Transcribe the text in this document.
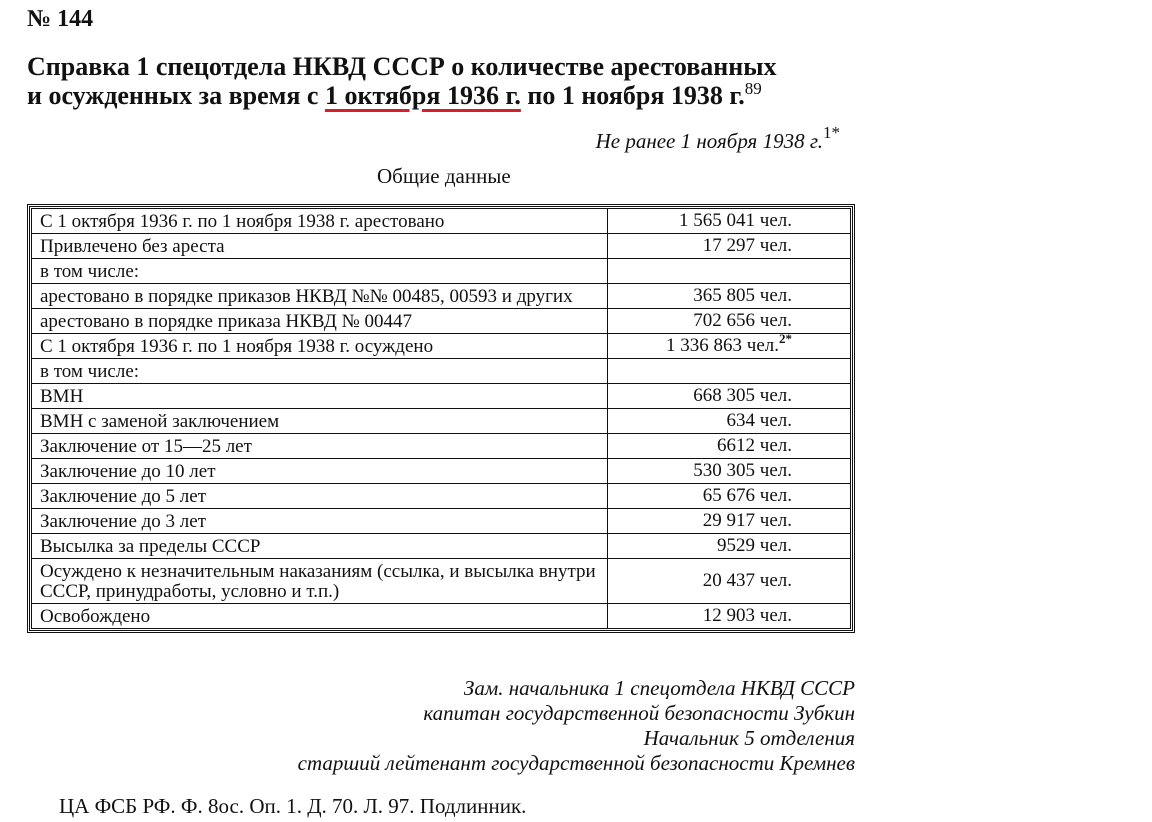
№ 144
Справка 1 спецотдела НКВД СССР о количестве арестованных
и осужденных за время с 1 октября 1936 г. по 1 ноября 1938 г.$^{89}$
Не ранее 1 ноября 1938 г.$^{1*}$
Общие данные
С 1 октября 1936 г. по 1 ноября 1938 г. арестовано	1 565 041 чел.
Привлечено без ареста	17 297 чел.
в том числе:	
арестовано в порядке приказов НКВД №№ 00485, 00593 и других	365 805 чел.
арестовано в порядке приказа НКВД № 00447	702 656 чел.
С 1 октября 1936 г. по 1 ноября 1938 г. осуждено	1 336 863 чел.$^{2*}$
в том числе:	
ВМН	668 305 чел.
ВМН с заменой заключением	634 чел.
Заключение от 15—25 лет	6612 чел.
Заключение до 10 лет	530 305 чел.
Заключение до 5 лет	65 676 чел.
Заключение до 3 лет	29 917 чел.
Высылка за пределы СССР	9529 чел.
Осуждено к незначительным наказаниям (ссылка, и высылка внутри СССР, принудработы, условно и т.п.)	20 437 чел.
Освобождено	12 903 чел.
Зам. начальника 1 спецотдела НКВД СССР
капитан государственной безопасности Зубкин
Начальник 5 отделения
старший лейтенант государственной безопасности Кремнев
ЦА ФСБ РФ. Ф. 8ос. Оп. 1. Д. 70. Л. 97. Подлинник.
